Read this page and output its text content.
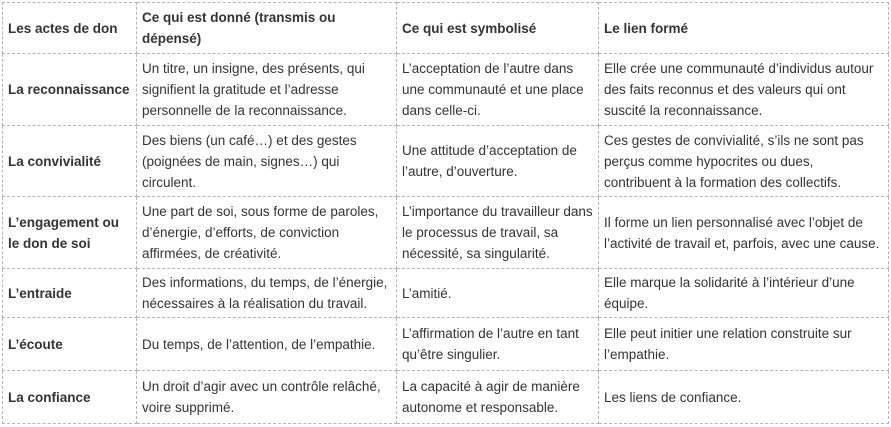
Les actes de don	Ce qui est donné (transmis ou dépensé)	Ce qui est symbolisé	Le lien formé
La reconnaissance	Un titre, un insigne, des présents, qui signifient la gratitude et l’adresse personnelle de la reconnaissance.	L’acceptation de l’autre dans une communauté et une place dans celle-ci.	Elle crée une communauté d’individus autour des faits reconnus et des valeurs qui ont suscité la reconnaissance.
La convivialité	Des biens (un café…) et des gestes (poignées de main, signes…) qui circulent.	Une attitude d’acceptation de l’autre, d’ouverture.	Ces gestes de convivialité, s’ils ne sont pas perçus comme hypocrites ou dues, contribuent à la formation des collectifs.
L’engagement ou le don de soi	Une part de soi, sous forme de paroles, d’énergie, d’efforts, de conviction affirmées, de créativité.	L’importance du travailleur dans le processus de travail, sa nécessité, sa singularité.	Il forme un lien personnalisé avec l’objet de l’activité de travail et, parfois, avec une cause.
L’entraide	Des informations, du temps, de l’énergie, nécessaires à la réalisation du travail.	L’amitié.	Elle marque la solidarité à l’intérieur d’une équipe.
L’écoute	Du temps, de l’attention, de l’empathie.	L’affirmation de l’autre en tant qu’être singulier.	Elle peut initier une relation construite sur l’empathie.
La confiance	Un droit d’agir avec un contrôle relâché, voire supprimé.	La capacité à agir de manière autonome et responsable.	Les liens de confiance.
